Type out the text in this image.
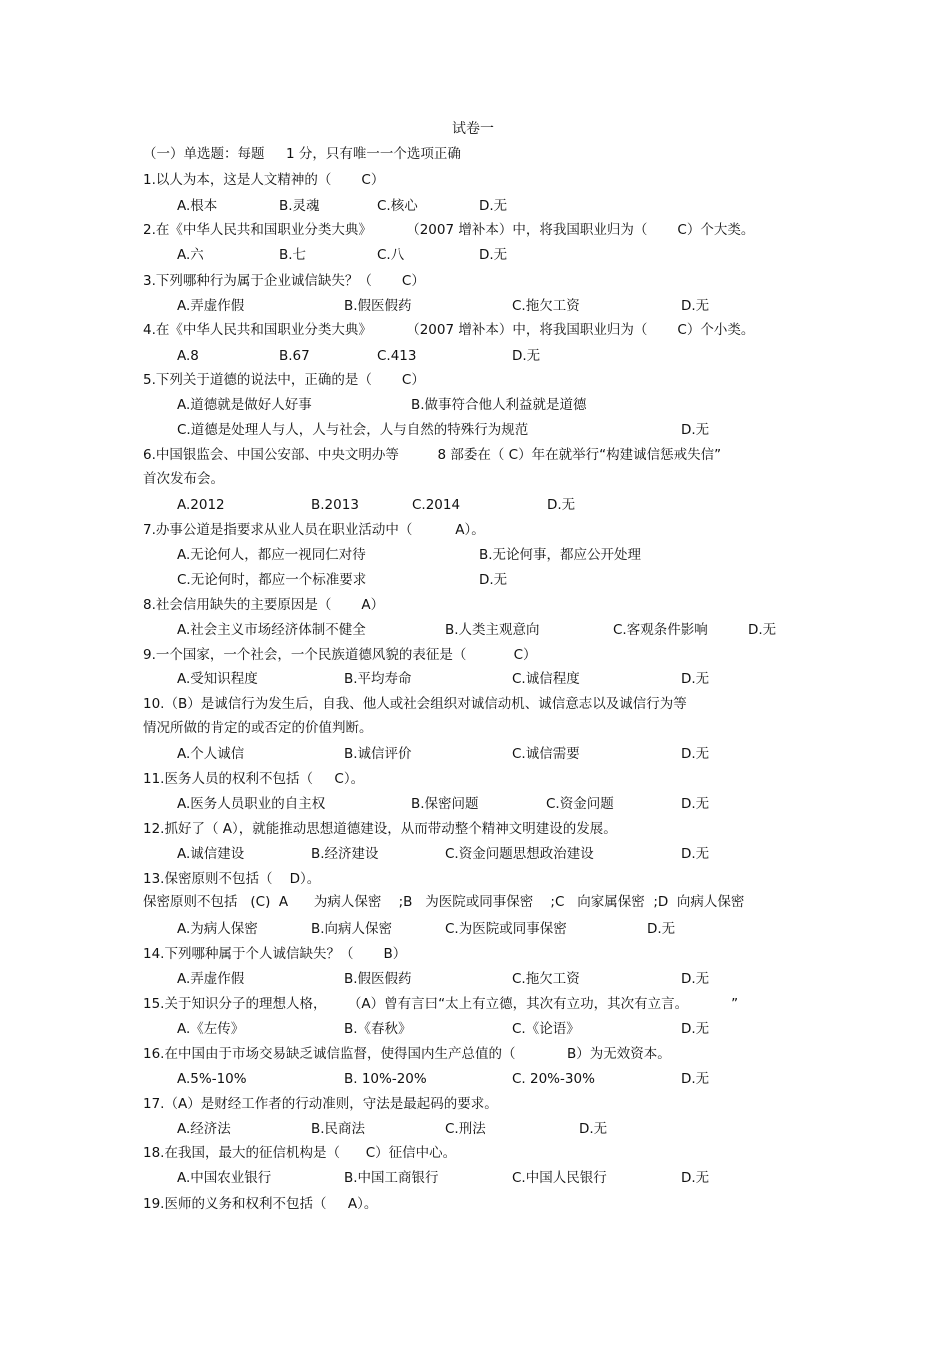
试卷一
（一）单选题：每题     1 分，只有唯一一个选项正确
1.以人为本，这是人文精神的（       C）
A.根本	B.灵魂	C.核心	D.无
2.在《中华人民共和国职业分类大典》        （2007 增补本）中，将我国职业归为（       C）个大类。
A.六	B.七	C.八	D.无
3.下列哪种行为属于企业诚信缺失？（       C）
A.弄虚作假	B.假医假药	C.拖欠工资	D.无
4.在《中华人民共和国职业分类大典》        （2007 增补本）中，将我国职业归为（       C）个小类。
A.8	B.67	C.413	D.无
5.下列关于道德的说法中，正确的是（       C）
A.道德就是做好人好事	B.做事符合他人利益就是道德
C.道德是处理人与人，人与社会，人与自然的特殊行为规范	D.无
6.中国银监会、中国公安部、中央文明办等         8 部委在（ C）年在就举行“构建诚信惩戒失信”
首次发布会。
A.2012	B.2013	C.2014	D.无
7.办事公道是指要求从业人员在职业活动中（          A）。
A.无论何人，都应一视同仁对待	B.无论何事，都应公开处理
C.无论何时，都应一个标准要求	D.无
8.社会信用缺失的主要原因是（       A）
A.社会主义市场经济体制不健全	B.人类主观意向	C.客观条件影响	D.无
9.一个国家，一个社会，一个民族道德风貌的表征是（           C）
A.受知识程度	B.平均寿命	C.诚信程度	D.无
10.（B）是诚信行为发生后，自我、他人或社会组织对诚信动机、诚信意志以及诚信行为等
情况所做的肯定的或否定的价值判断。
A.个人诚信	B.诚信评价	C.诚信需要	D.无
11.医务人员的权利不包括（     C）。
A.医务人员职业的自主权	B.保密问题	C.资金问题	D.无
12.抓好了（ A），就能推动思想道德建设，从而带动整个精神文明建设的发展。
A.诚信建设	B.经济建设	C.资金问题思想政治建设	D.无
13.保密原则不包括（    D）。
保密原则不包括   (C)  A      为病人保密    ;B   为医院或同事保密    ;C   向家属保密  ;D  向病人保密
A.为病人保密	B.向病人保密	C.为医院或同事保密	D.无
14.下列哪种属于个人诚信缺失？（       B）
A.弄虚作假	B.假医假药	C.拖欠工资	D.无
15.关于知识分子的理想人格，     （A）曾有言曰“太上有立德，其次有立功，其次有立言。          ”
A.《左传》	B.《春秋》	C.《论语》	D.无
16.在中国由于市场交易缺乏诚信监督，使得国内生产总值的（            B）为无效资本。
A.5%-10%	B. 10%-20%	C. 20%-30%	D.无
17.（A）是财经工作者的行动准则，守法是最起码的要求。
A.经济法	B.民商法	C.刑法	D.无
18.在我国，最大的征信机构是（      C）征信中心。
A.中国农业银行	B.中国工商银行	C.中国人民银行	D.无
19.医师的义务和权利不包括（     A）。
